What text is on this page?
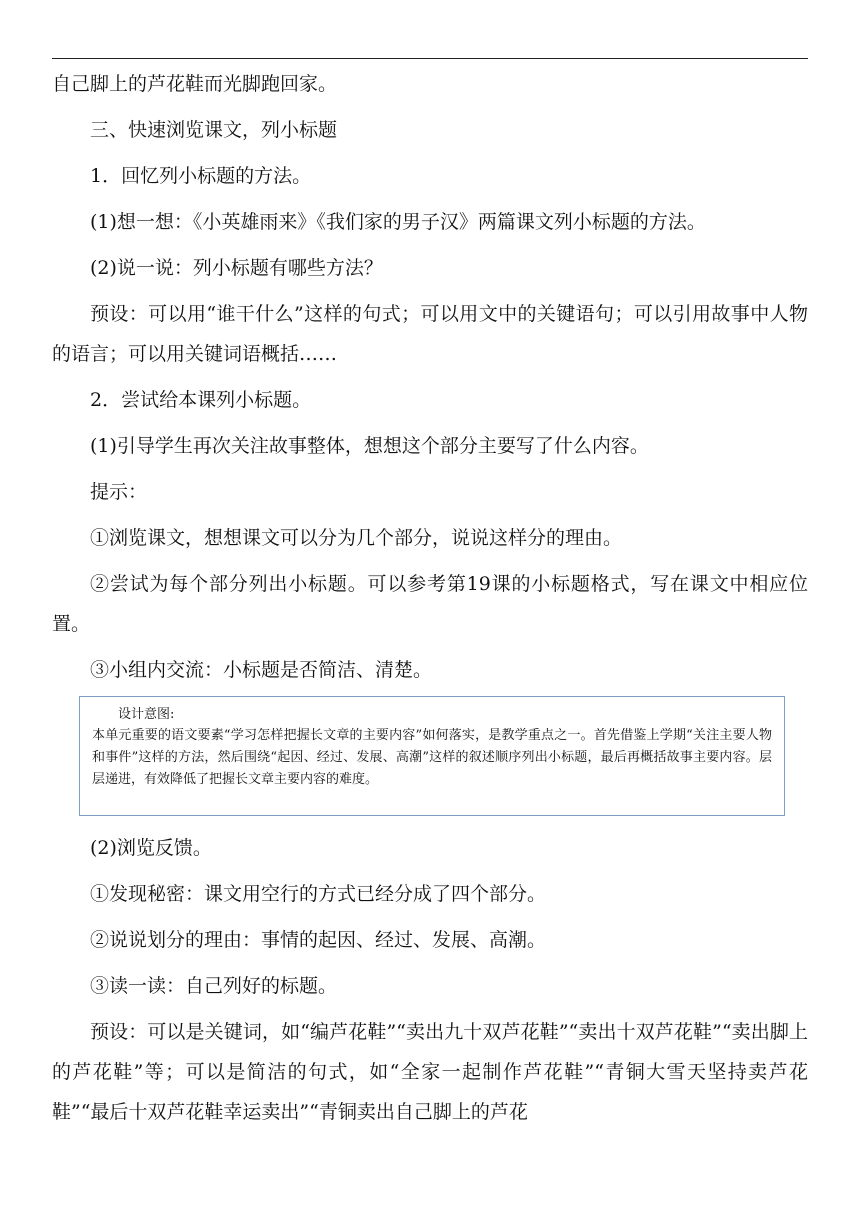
自己脚上的芦花鞋而光脚跑回家。

三、快速浏览课文，列小标题

1．回忆列小标题的方法。

(1)想一想：《小英雄雨来》《我们家的男子汉》两篇课文列小标题的方法。

(2)说一说：列小标题有哪些方法？

预设：可以用“谁干什么”这样的句式；可以用文中的关键语句；可以引用故事中人物的语言；可以用关键词语概括……

2．尝试给本课列小标题。

(1)引导学生再次关注故事整体，想想这个部分主要写了什么内容。

提示：

①浏览课文，想想课文可以分为几个部分，说说这样分的理由。

②尝试为每个部分列出小标题。可以参考第19课的小标题格式，写在课文中相应位置。

③小组内交流：小标题是否简洁、清楚。

设计意图:

本单元重要的语文要素“学习怎样把握长文章的主要内容”如何落实，是教学重点之一。首先借鉴上学期“关注主要人物和事件”这样的方法，然后围绕“起因、经过、发展、高潮”这样的叙述顺序列出小标题，最后再概括故事主要内容。层层递进，有效降低了把握长文章主要内容的难度。

(2)浏览反馈。

①发现秘密：课文用空行的方式已经分成了四个部分。

②说说划分的理由：事情的起因、经过、发展、高潮。

③读一读：自己列好的标题。

预设：可以是关键词，如“编芦花鞋”“卖出九十双芦花鞋”“卖出十双芦花鞋”“卖出脚上的芦花鞋”等；可以是简洁的句式，如“全家一起制作芦花鞋”“青铜大雪天坚持卖芦花鞋”“最后十双芦花鞋幸运卖出”“青铜卖出自己脚上的芦花
